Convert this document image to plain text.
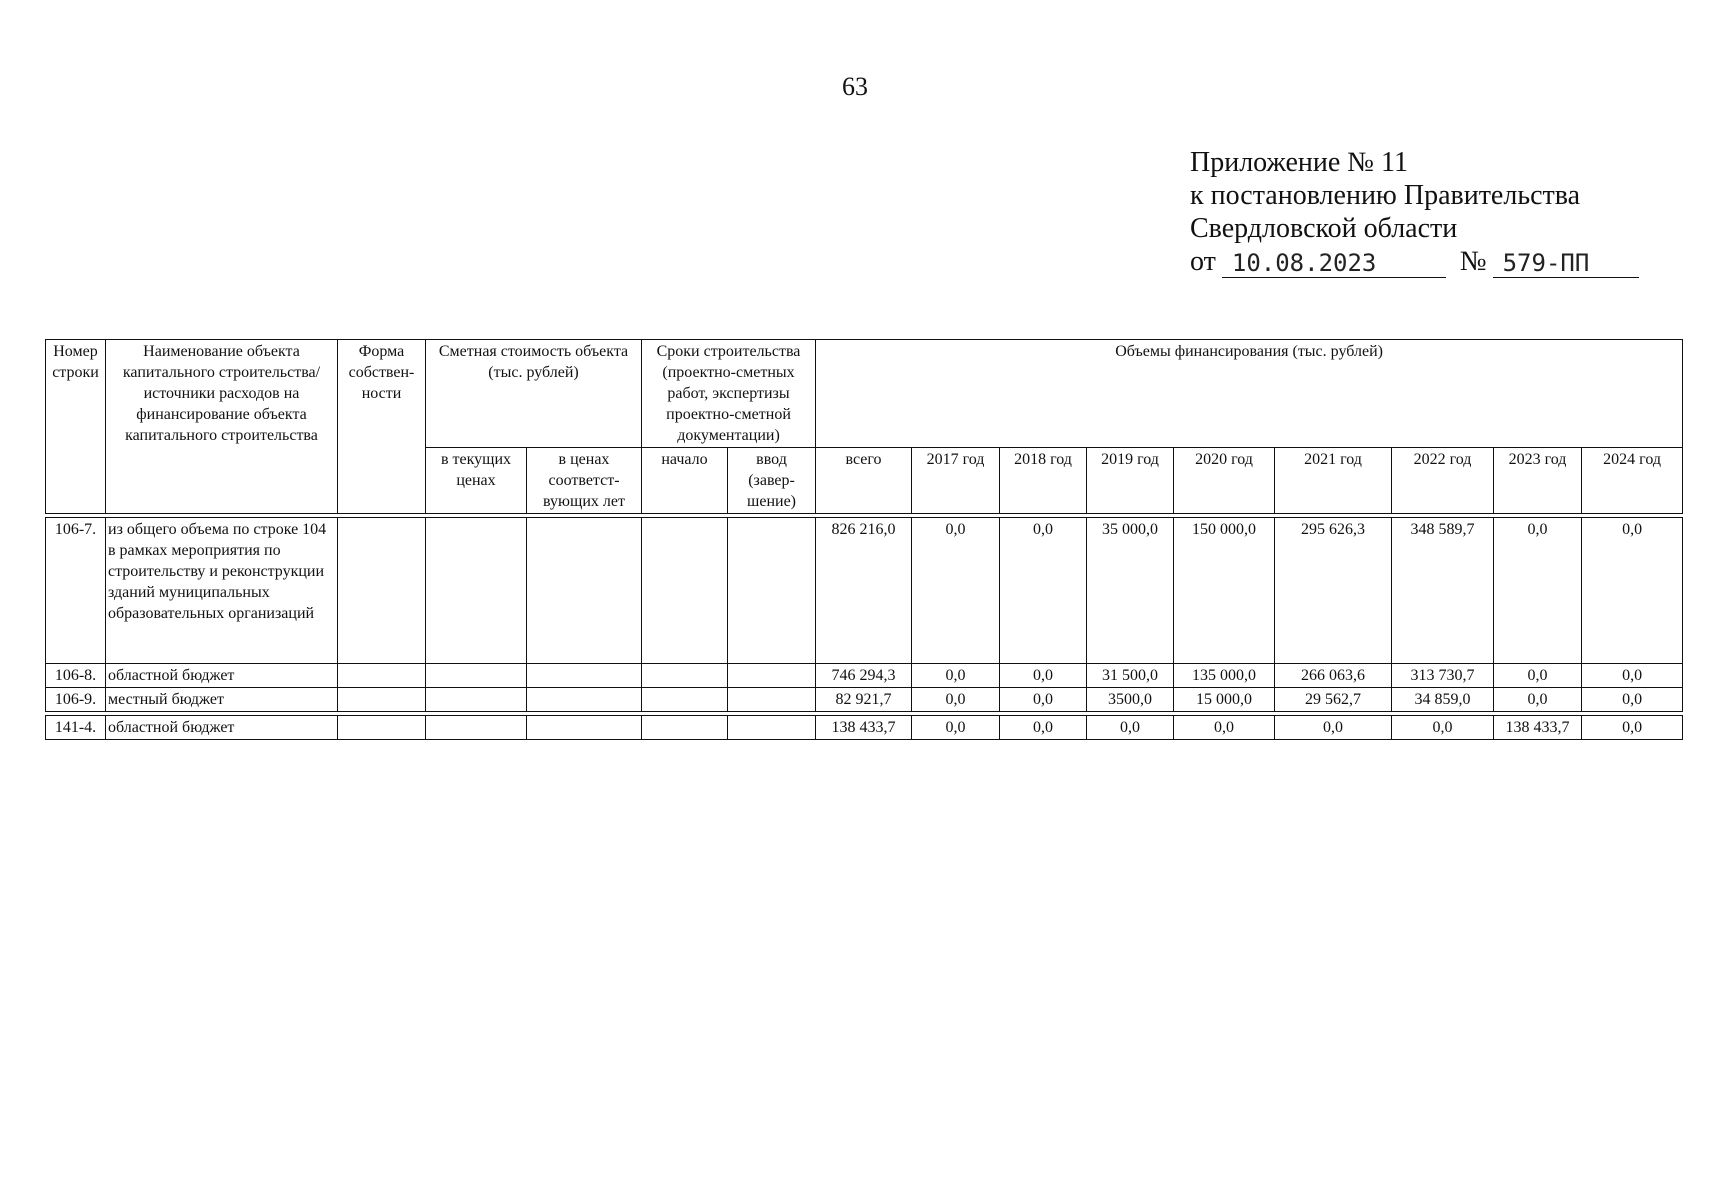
63
Приложение № 11
к постановлению Правительства
Свердловской области
от 10.08.2023	№ 579-ПП
Номер строки	Наименование объекта капитального строительства/источники расходов на финансирование объекта капитального строительства	Форма собствен-ности	Сметная стоимость объекта (тыс. рублей)		Сроки строительства (проектно-сметных работ, экспертизы проектно-сметной документации)		Объемы финансирования (тыс. рублей)								
			в текущих ценах	в ценах соответст-вующих лет	начало	ввод (завер-шение)	всего	2017 год	2018 год	2019 год	2020 год	2021 год	2022 год	2023 год	2024 год

106-7.	из общего объема по строке 104 в рамках мероприятия по строительству и реконструкции зданий муниципальных образовательных организаций						826 216,0	0,0	0,0	35 000,0	150 000,0	295 626,3	348 589,7	0,0	0,0
106-8.	областной бюджет						746 294,3	0,0	0,0	31 500,0	135 000,0	266 063,6	313 730,7	0,0	0,0
106-9.	местный бюджет						82 921,7	0,0	0,0	3500,0	15 000,0	29 562,7	34 859,0	0,0	0,0

141-4.	областной бюджет						138 433,7	0,0	0,0	0,0	0,0	0,0	0,0	138 433,7	0,0
